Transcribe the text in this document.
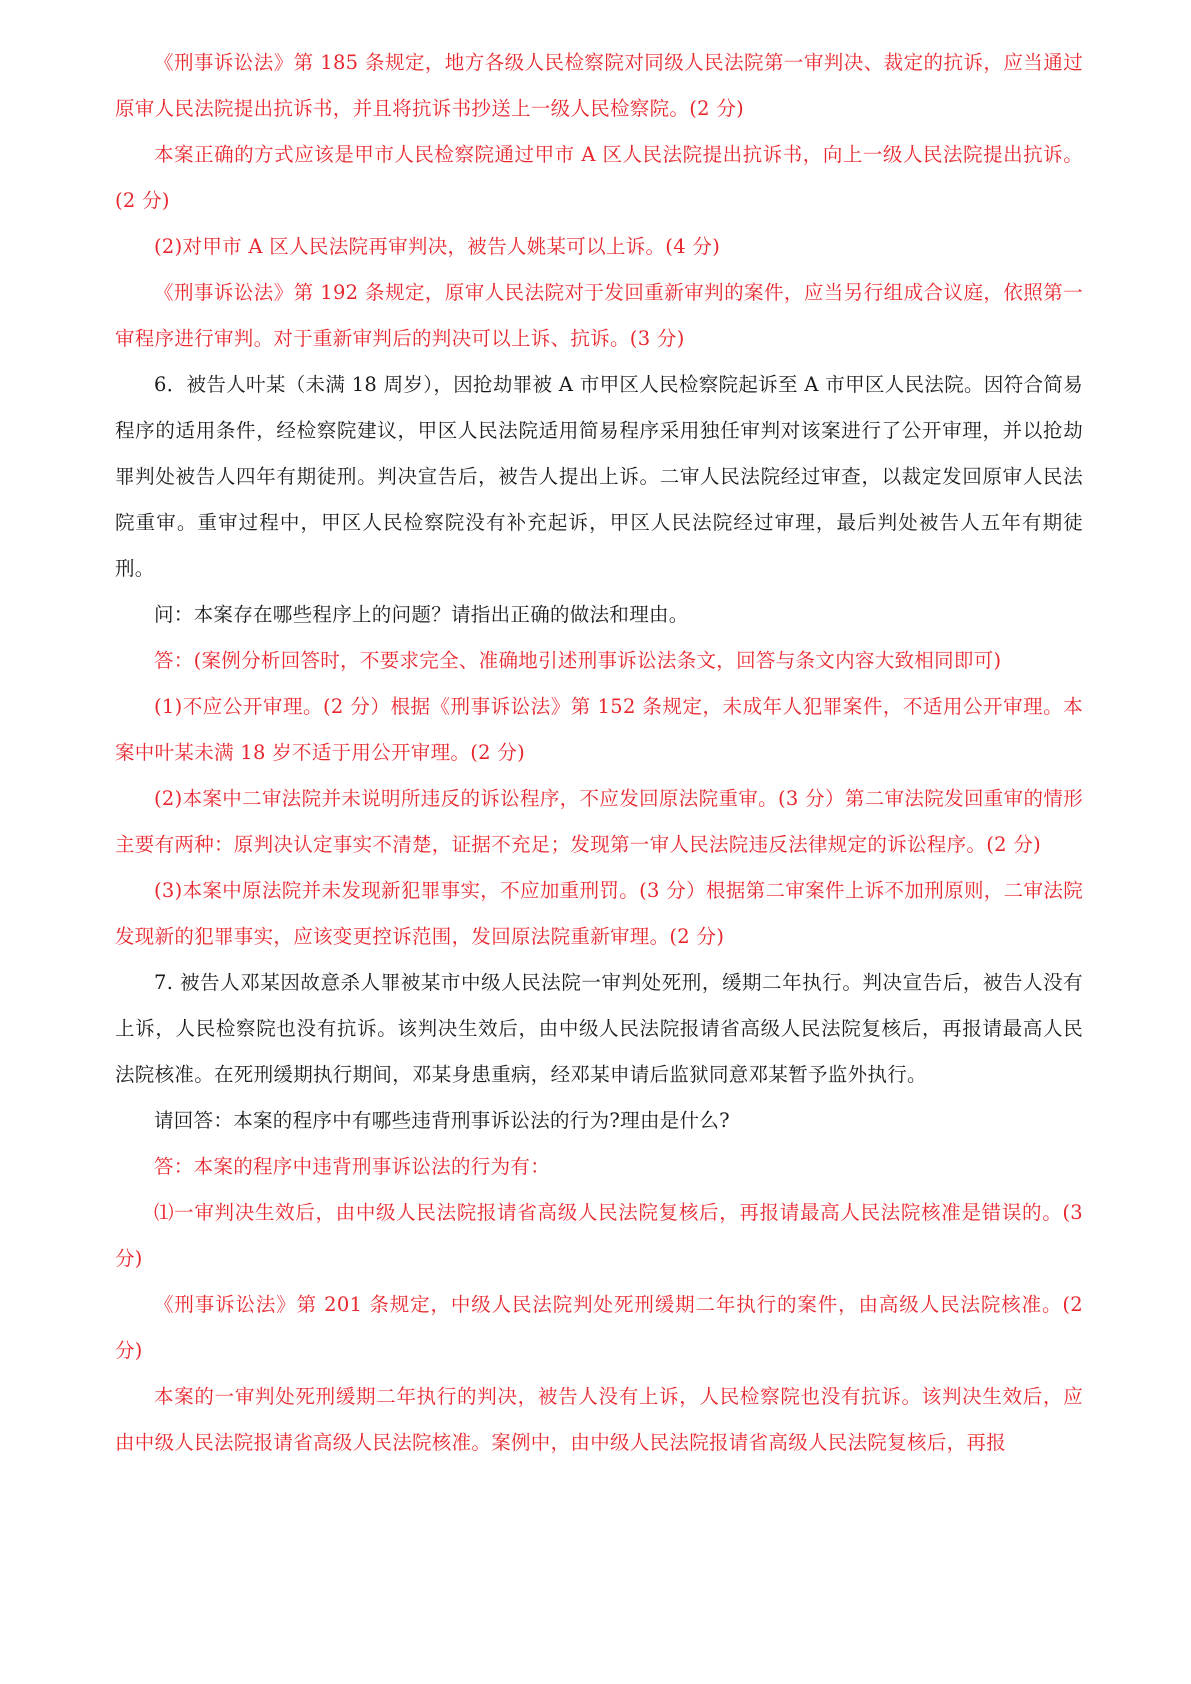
《刑事诉讼法》第 185 条规定，地方各级人民检察院对同级人民法院第一审判决、裁定的抗诉，应当通过原审人民法院提出抗诉书，并且将抗诉书抄送上一级人民检察院。(2 分)

本案正确的方式应该是甲市人民检察院通过甲市 A 区人民法院提出抗诉书，向上一级人民法院提出抗诉。(2 分)

(2)对甲市 A 区人民法院再审判决，被告人姚某可以上诉。(4 分)

《刑事诉讼法》第 192 条规定，原审人民法院对于发回重新审判的案件，应当另行组成合议庭，依照第一审程序进行审判。对于重新审判后的判决可以上诉、抗诉。(3 分)

6．被告人叶某（未满 18 周岁），因抢劫罪被 A 市甲区人民检察院起诉至 A 市甲区人民法院。因符合简易程序的适用条件，经检察院建议，甲区人民法院适用简易程序采用独任审判对该案进行了公开审理，并以抢劫罪判处被告人四年有期徒刑。判决宣告后，被告人提出上诉。二审人民法院经过审查，以裁定发回原审人民法院重审。重审过程中，甲区人民检察院没有补充起诉，甲区人民法院经过审理，最后判处被告人五年有期徒刑。

问：本案存在哪些程序上的问题？请指出正确的做法和理由。

答：(案例分析回答时，不要求完全、准确地引述刑事诉讼法条文，回答与条文内容大致相同即可)

(1)不应公开审理。(2 分）根据《刑事诉讼法》第 152 条规定，未成年人犯罪案件，不适用公开审理。本案中叶某未满 18 岁不适于用公开审理。(2 分)

(2)本案中二审法院并未说明所违反的诉讼程序，不应发回原法院重审。(3 分）第二审法院发回重审的情形主要有两种：原判决认定事实不清楚，证据不充足；发现第一审人民法院违反法律规定的诉讼程序。(2 分)

(3)本案中原法院并未发现新犯罪事实，不应加重刑罚。(3 分）根据第二审案件上诉不加刑原则，二审法院发现新的犯罪事实，应该变更控诉范围，发回原法院重新审理。(2 分)

7. 被告人邓某因故意杀人罪被某市中级人民法院一审判处死刑，缓期二年执行。判决宣告后，被告人没有上诉，人民检察院也没有抗诉。该判决生效后，由中级人民法院报请省高级人民法院复核后，再报请最高人民法院核准。在死刑缓期执行期间，邓某身患重病，经邓某申请后监狱同意邓某暂予监外执行。

请回答：本案的程序中有哪些违背刑事诉讼法的行为?理由是什么?

答：本案的程序中违背刑事诉讼法的行为有：

⑴一审判决生效后，由中级人民法院报请省高级人民法院复核后，再报请最高人民法院核准是错误的。(3 分)

《刑事诉讼法》第 201 条规定，中级人民法院判处死刑缓期二年执行的案件，由高级人民法院核准。(2 分)

本案的一审判处死刑缓期二年执行的判决，被告人没有上诉，人民检察院也没有抗诉。该判决生效后，应由中级人民法院报请省高级人民法院核准。案例中，由中级人民法院报请省高级人民法院复核后，再报
